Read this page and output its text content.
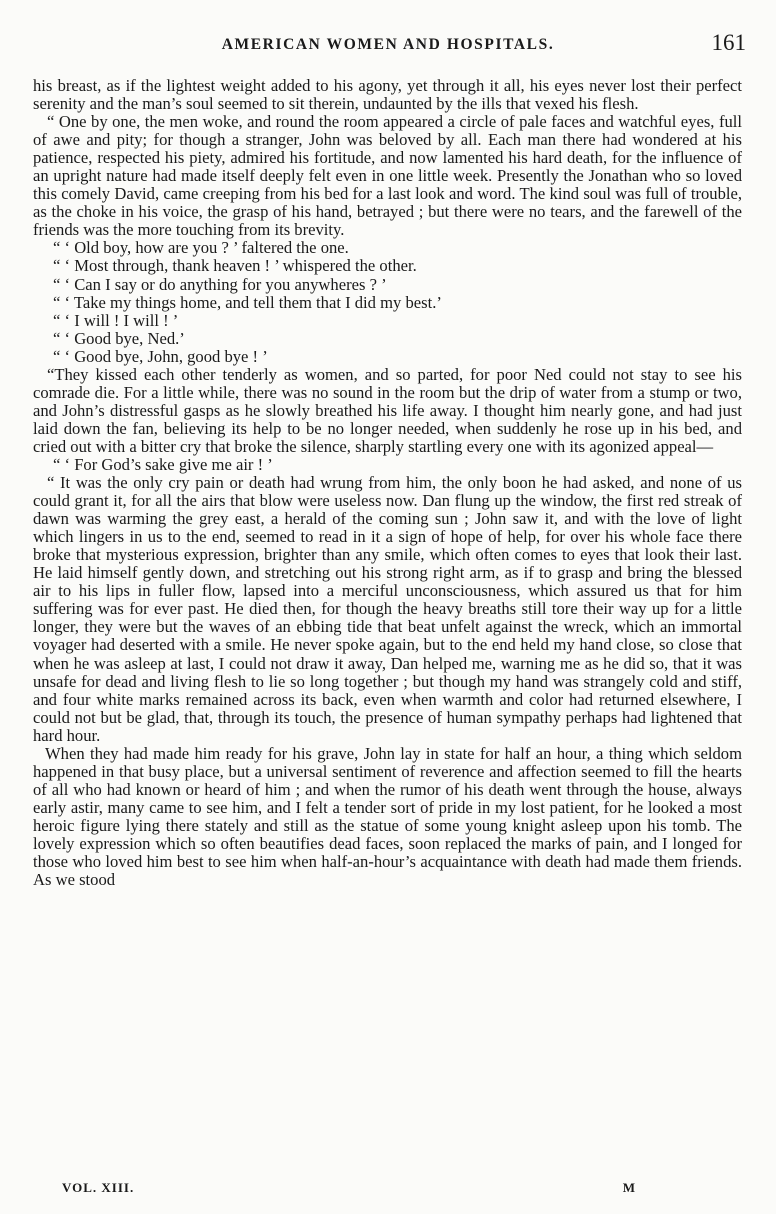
AMERICAN WOMEN AND HOSPITALS.	161

his breast, as if the lightest weight added to his agony, yet through it all, his eyes never lost their perfect serenity and the man’s soul seemed to sit therein, undaunted by the ills that vexed his flesh.

“ One by one, the men woke, and round the room appeared a circle of pale faces and watchful eyes, full of awe and pity; for though a stranger, John was beloved by all. Each man there had wondered at his patience, respected his piety, admired his fortitude, and now lamented his hard death, for the influence of an upright nature had made itself deeply felt even in one little week. Presently the Jonathan who so loved this comely David, came creeping from his bed for a last look and word. The kind soul was full of trouble, as the choke in his voice, the grasp of his hand, betrayed ; but there were no tears, and the farewell of the friends was the more touching from its brevity.

“ ‘ Old boy, how are you ? ’ faltered the one.

“ ‘ Most through, thank heaven ! ’ whispered the other.

“ ‘ Can I say or do anything for you anywheres ? ’

“ ‘ Take my things home, and tell them that I did my best.’

“ ‘ I will ! I will ! ’

“ ‘ Good bye, Ned.’

“ ‘ Good bye, John, good bye ! ’

“They kissed each other tenderly as women, and so parted, for poor Ned could not stay to see his comrade die. For a little while, there was no sound in the room but the drip of water from a stump or two, and John’s distressful gasps as he slowly breathed his life away. I thought him nearly gone, and had just laid down the fan, believing its help to be no longer needed, when suddenly he rose up in his bed, and cried out with a bitter cry that broke the silence, sharply startling every one with its agonized appeal—

“ ‘ For God’s sake give me air ! ’

“ It was the only cry pain or death had wrung from him, the only boon he had asked, and none of us could grant it, for all the airs that blow were useless now. Dan flung up the window, the first red streak of dawn was warming the grey east, a herald of the coming sun ; John saw it, and with the love of light which lingers in us to the end, seemed to read in it a sign of hope of help, for over his whole face there broke that mysterious expression, brighter than any smile, which often comes to eyes that look their last. He laid himself gently down, and stretching out his strong right arm, as if to grasp and bring the blessed air to his lips in fuller flow, lapsed into a merciful unconsciousness, which assured us that for him suffering was for ever past. He died then, for though the heavy breaths still tore their way up for a little longer, they were but the waves of an ebbing tide that beat unfelt against the wreck, which an immortal voyager had deserted with a smile. He never spoke again, but to the end held my hand close, so close that when he was asleep at last, I could not draw it away, Dan helped me, warning me as he did so, that it was unsafe for dead and living flesh to lie so long together ; but though my hand was strangely cold and stiff, and four white marks remained across its back, even when warmth and color had returned elsewhere, I could not but be glad, that, through its touch, the presence of human sympathy perhaps had lightened that hard hour.

When they had made him ready for his grave, John lay in state for half an hour, a thing which seldom happened in that busy place, but a universal sentiment of reverence and affection seemed to fill the hearts of all who had known or heard of him ; and when the rumor of his death went through the house, always early astir, many came to see him, and I felt a tender sort of pride in my lost patient, for he looked a most heroic figure lying there stately and still as the statue of some young knight asleep upon his tomb. The lovely expression which so often beautifies dead faces, soon replaced the marks of pain, and I longed for those who loved him best to see him when half-an-hour’s acquaintance with death had made them friends. As we stood

VOL. XIII.	M
